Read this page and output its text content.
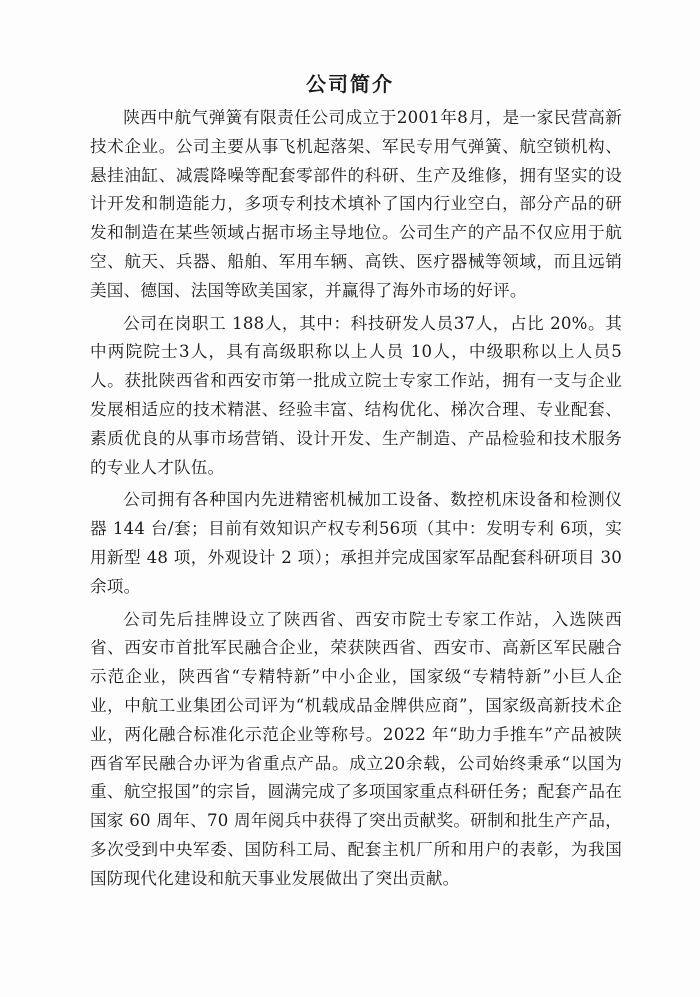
公司简介

陕西中航气弹簧有限责任公司成立于2001年8月，是一家民营高新技术企业。公司主要从事飞机起落架、军民专用气弹簧、航空锁机构、悬挂油缸、减震降噪等配套零部件的科研、生产及维修，拥有坚实的设计开发和制造能力，多项专利技术填补了国内行业空白，部分产品的研发和制造在某些领域占据市场主导地位。公司生产的产品不仅应用于航空、航天、兵器、船舶、军用车辆、高铁、医疗器械等领域，而且远销美国、德国、法国等欧美国家，并赢得了海外市场的好评。

公司在岗职工 188人，其中：科技研发人员37人，占比 20%。其中两院院士3人，具有高级职称以上人员 10人，中级职称以上人员5人。获批陕西省和西安市第一批成立院士专家工作站，拥有一支与企业发展相适应的技术精湛、经验丰富、结构优化、梯次合理、专业配套、素质优良的从事市场营销、设计开发、生产制造、产品检验和技术服务的专业人才队伍。

公司拥有各种国内先进精密机械加工设备、数控机床设备和检测仪器 144 台/套；目前有效知识产权专利56项（其中：发明专利 6项，实用新型 48 项，外观设计 2 项）；承担并完成国家军品配套科研项目 30 余项。

公司先后挂牌设立了陕西省、西安市院士专家工作站，入选陕西省、西安市首批军民融合企业，荣获陕西省、西安市、高新区军民融合示范企业，陕西省“专精特新”中小企业，国家级“专精特新”小巨人企业，中航工业集团公司评为“机载成品金牌供应商”，国家级高新技术企业，两化融合标准化示范企业等称号。2022 年“助力手推车”产品被陕西省军民融合办评为省重点产品。成立20余载，公司始终秉承“以国为重、航空报国”的宗旨，圆满完成了多项国家重点科研任务；配套产品在国家 60 周年、70 周年阅兵中获得了突出贡献奖。研制和批生产产品，多次受到中央军委、国防科工局、配套主机厂所和用户的表彰，为我国国防现代化建设和航天事业发展做出了突出贡献。
